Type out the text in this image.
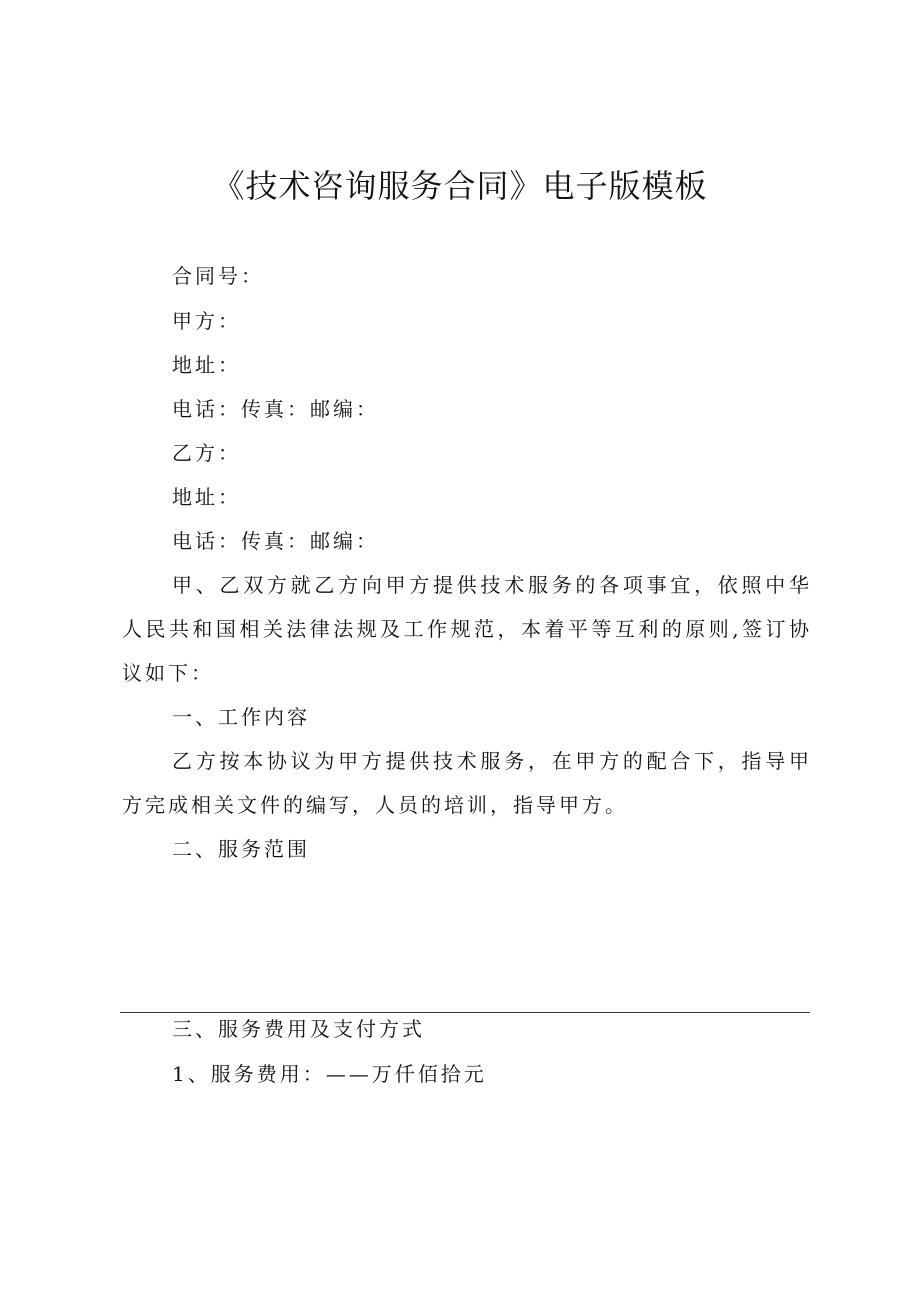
《技术咨询服务合同》电子版模板

合同号：

甲方：

地址：

电话：传真：邮编：

乙方：

地址：

电话：传真：邮编：

甲、乙双方就乙方向甲方提供技术服务的各项事宜，依照中华人民共和国相关法律法规及工作规范，本着平等互利的原则,签订协议如下：

一、工作内容

乙方按本协议为甲方提供技术服务，在甲方的配合下，指导甲方完成相关文件的编写，人员的培训，指导甲方。

二、服务范围

三、服务费用及支付方式

1、服务费用：——万仟佰拾元
